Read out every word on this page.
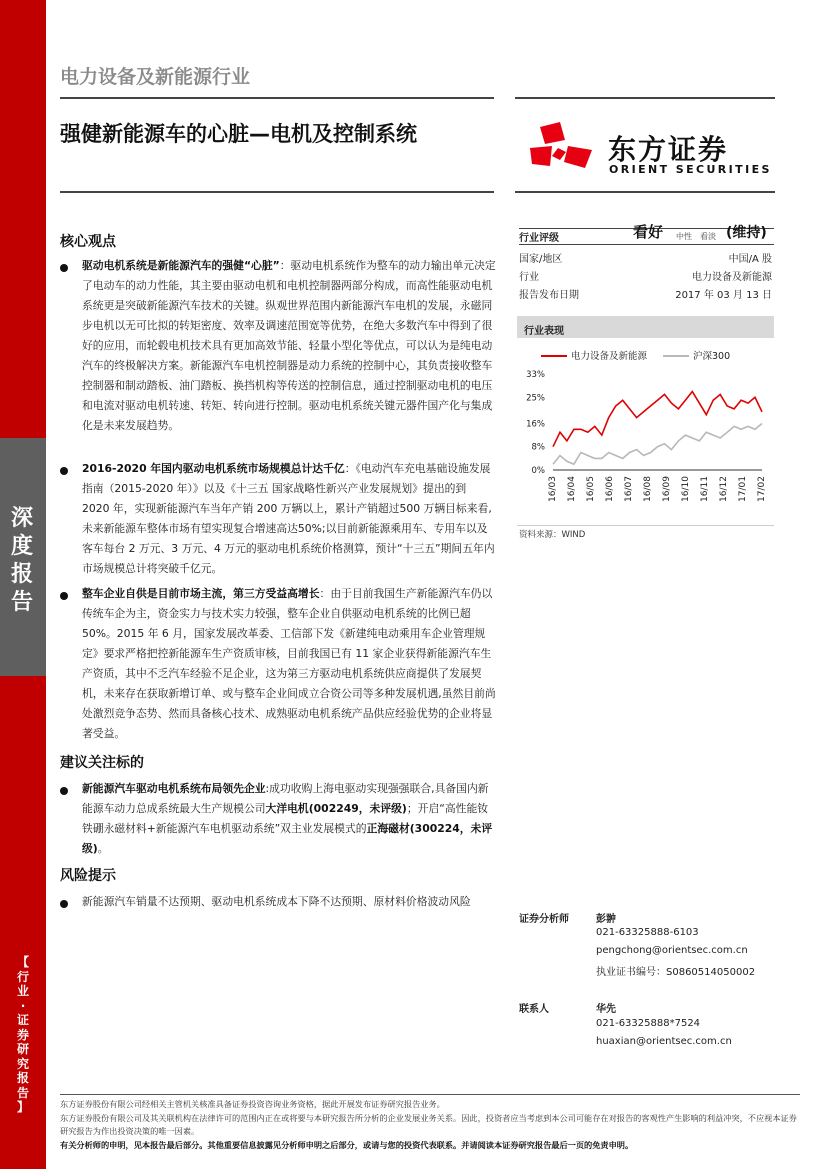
深
度
报
告
【
行
业
·
证
券
研
究
报
告
】
电力设备及新能源行业
强健新能源车的心脏—电机及控制系统	东方证券
ORIENT SECURITIES
核心观点
驱动电机系统是新能源汽车的强健“心脏”：驱动电机系统作为整车的动力输出单元决定了电动车的动力性能，其主要由驱动电机和电机控制器两部分构成，而高性能驱动电机系统更是突破新能源汽车技术的关键。纵观世界范围内新能源汽车电机的发展，永磁同步电机以无可比拟的转矩密度、效率及调速范围宽等优势，在绝大多数汽车中得到了很好的应用，而轮毂电机技术具有更加高效节能、轻量小型化等优点，可以认为是纯电动汽车的终极解决方案。新能源汽车电机控制器是动力系统的控制中心，其负责接收整车控制器和制动踏板、油门踏板、换挡机构等传送的控制信息，通过控制驱动电机的电压和电流对驱动电机转速、转矩、转向进行控制。驱动电机系统关键元器件国产化与集成化是未来发展趋势。
2016-2020 年国内驱动电机系统市场规模总计达千亿：《电动汽车充电基础设施发展指南（2015-2020 年）》以及《十三五 国家战略性新兴产业发展规划》提出的到 2020 年，实现新能源汽车当年产销 200 万辆以上，累计产销超过500 万辆目标来看,未来新能源车整体市场有望实现复合增速高达50%;以目前新能源乘用车、专用车以及客车每台 2 万元、3 万元、4 万元的驱动电机系统价格测算，预计“十三五”期间五年内市场规模总计将突破千亿元。
整车企业自供是目前市场主流，第三方受益高增长：由于目前我国生产新能源汽车仍以传统车企为主，资金实力与技术实力较强，整车企业自供驱动电机系统的比例已超 50%。2015 年 6 月，国家发展改革委、工信部下发《新建纯电动乘用车企业管理规定》要求严格把控新能源车生产资质审核，目前我国已有 11 家企业获得新能源汽车生产资质，其中不乏汽车经验不足企业，这为第三方驱动电机系统供应商提供了发展契机，未来存在获取新增订单、或与整车企业间成立合资公司等多种发展机遇,虽然目前尚处激烈竞争态势、然而具备核心技术、成熟驱动电机系统产品供应经验优势的企业将显著受益。
建议关注标的
新能源汽车驱动电机系统布局领先企业:成功收购上海电驱动实现强强联合,具备国内新能源车动力总成系统最大生产规模公司大洋电机(002249，未评级)；开启“高性能钕铁硼永磁材料+新能源汽车电机驱动系统”双主业发展模式的正海磁材(300224，未评级)。
风险提示
新能源汽车销量不达预期、驱动电机系统成本下降不达预期、原材料价格波动风险
行业评级	看好 中性 看淡 (维持)
国家/地区	中国/A 股
行业	电力设备及新能源
报告发布日期	2017 年 03 月 13 日
行业表现
电力设备及新能源	沪深300
33%
25%
16%
8%
0%
16/03 16/04 16/05 16/06 16/07 16/08 16/09 16/10 16/11 16/12 17/01 17/02
资料来源：WIND
证券分析师	彭翀
021-63325888-6103
pengchong@orientsec.com.cn
执业证书编号：S0860514050002
联系人	华先
021-63325888*7524
huaxian@orientsec.com.cn
东方证券股份有限公司经相关主管机关核准具备证券投资咨询业务资格，据此开展发布证券研究报告业务。
东方证券股份有限公司及其关联机构在法律许可的范围内正在或将要与本研究报告所分析的企业发展业务关系。因此，投资者应当考虑到本公司可能存在对报告的客观性产生影响的利益冲突，不应视本证券研究报告为作出投资决策的唯一因素。
有关分析师的申明，见本报告最后部分。其他重要信息披露见分析师申明之后部分，或请与您的投资代表联系。并请阅读本证券研究报告最后一页的免责申明。
